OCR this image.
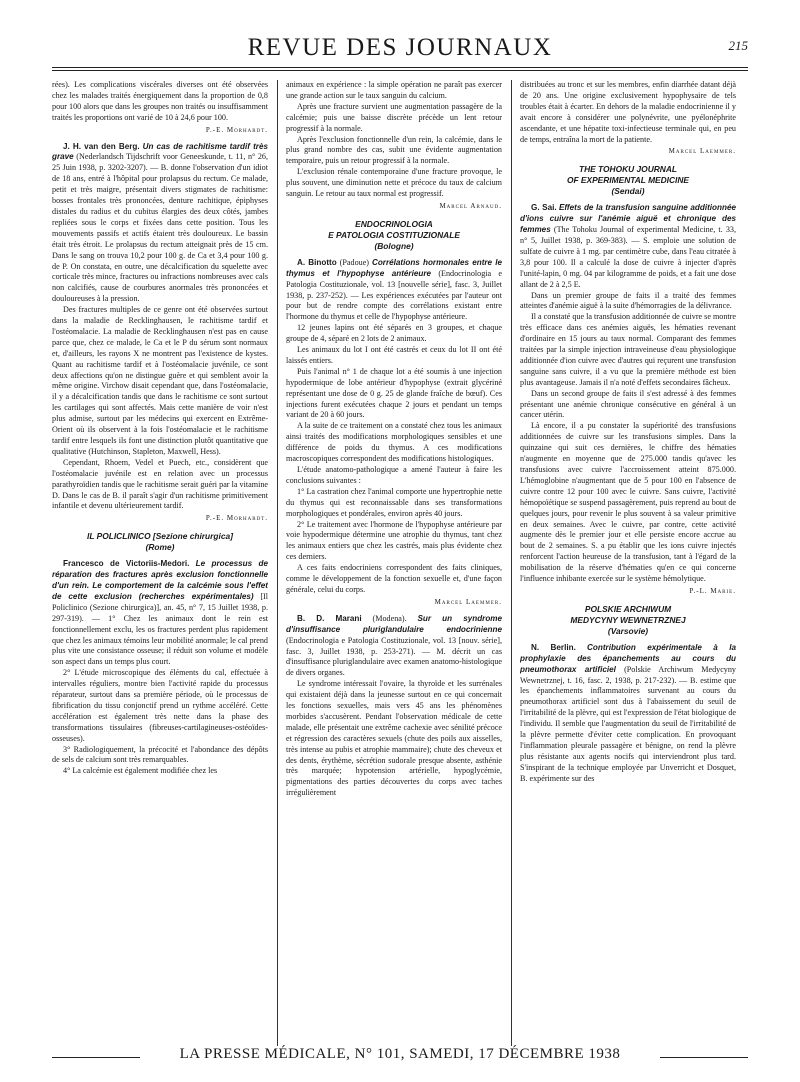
REVUE DES JOURNAUX	215

rées). Les complications viscérales diverses ont été observées chez les malades traités énergiquement dans la proportion de 0,8 pour 100 alors que dans les groupes non traités ou insuffisamment traités les proportions ont varié de 10 à 24,6 pour 100.

P.-E. Morhardt.

J. H. van den Berg. Un cas de rachitisme tardif très grave (Nederlandsch Tijdschrift voor Geneeskunde, t. 11, n° 26, 25 Juin 1938, p. 3202-3207). — B. donne l'observation d'un idiot de 18 ans, entré à l'hôpital pour prolapsus du rectum. Ce malade, petit et très maigre, présentait divers stigmates de rachitisme: bosses frontales très prononcées, denture rachitique, épiphyses distales du radius et du cubitus élargies des deux côtés, jambes repliées sous le corps et fixées dans cette position. Tous les mouvements passifs et actifs étaient très douloureux. Le bassin était très étroit. Le prolapsus du rectum atteignait près de 15 cm. Dans le sang on trouva 10,2 pour 100 g. de Ca et 3,4 pour 100 g. de P. On constata, en outre, une décalcification du squelette avec corticale très mince, fractures ou infractions nombreuses avec cals non calcifiés, cause de courbures anormales très prononcées et douloureuses à la pression.

Des fractures multiples de ce genre ont été observées surtout dans la maladie de Recklinghausen, le rachitisme tardif et l'ostéomalacie. La maladie de Recklinghausen n'est pas en cause parce que, chez ce malade, le Ca et le P du sérum sont normaux et, d'ailleurs, les rayons X ne montrent pas l'existence de kystes. Quant au rachitisme tardif et à l'ostéomalacie juvénile, ce sont deux affections qu'on ne distingue guère et qui semblent avoir la même origine. Virchow disait cependant que, dans l'ostéomalacie, il y a décalcification tandis que dans le rachitisme ce sont surtout les cartilages qui sont affectés. Mais cette manière de voir n'est plus admise, surtout par les médecins qui exercent en Extrême-Orient où ils observent à la fois l'ostéomalacie et le rachitisme tardif entre lesquels ils font une distinction plutôt quantitative que qualitative (Hutchinson, Stapleton, Maxwell, Hess).

Cependant, Rhoem, Vedel et Puech, etc., considèrent que l'ostéomalacie juvénile est en relation avec un processus parathyroïdien tandis que le rachitisme serait guéri par la vitamine D. Dans le cas de B. il paraît s'agir d'un rachitisme primitivement infantile et devenu ultérieurement tardif.

P.-E. Morhardt.
IL POLICLINICO [Sezione chirurgica]
(Rome)

Francesco de Victoriis-Medori. Le processus de réparation des fractures après exclusion fonctionnelle d'un rein. Le comportement de la calcémie sous l'effet de cette exclusion (recherches expérimentales) [Il Policlinico (Sezione chirurgica)], an. 45, n° 7, 15 Juillet 1938, p. 297-319). — 1° Chez les animaux dont le rein est fonctionnellement exclu, les os fractures perdent plus rapidement que chez les animaux témoins leur mobilité anormale; le cal prend plus vite une consistance osseuse; il réduit son volume et modèle son aspect dans un temps plus court.

2° L'étude microscopique des éléments du cal, effectuée à intervalles réguliers, montre bien l'activité rapide du processus réparateur, surtout dans sa première période, où le processus de fibrification du tissu conjonctif prend un rythme accéléré. Cette accélération est également très nette dans la phase des transformations tissulaires (fibreuses-cartilagineuses-ostéoïdes-osseuses).

3° Radiologiquement, la précocité et l'abondance des dépôts de sels de calcium sont très remarquables.

4° La calcémie est également modifiée chez les

animaux en expérience : la simple opération ne paraît pas exercer une grande action sur le taux sanguin du calcium.

Après une fracture survient une augmentation passagère de la calcémie; puis une baisse discrète précède un lent retour progressif à la normale.

Après l'exclusion fonctionnelle d'un rein, la calcémie, dans le plus grand nombre des cas, subit une évidente augmentation temporaire, puis un retour progressif à la normale.

L'exclusion rénale contemporaine d'une fracture provoque, le plus souvent, une diminution nette et précoce du taux de calcium sanguin. Le retour au taux normal est progressif.

Marcel Arnaud.
ENDOCRINOLOGIA
E PATOLOGIA COSTITUZIONALE
(Bologne)

A. Binotto (Padoue) Corrélations hormonales entre le thymus et l'hypophyse antérieure (Endocrinologia e Patologia Costituzionale, vol. 13 [nouvelle série], fasc. 3, Juillet 1938, p. 237-252). — Les expériences exécutées par l'auteur ont pour but de rendre compte des corrélations existant entre l'hormone du thymus et celle de l'hypophyse antérieure.

12 jeunes lapins ont été séparés en 3 groupes, et chaque groupe de 4, séparé en 2 lots de 2 animaux.

Les animaux du lot I ont été castrés et ceux du lot II ont été laissés entiers.

Puis l'animal n° 1 de chaque lot a été soumis à une injection hypodermique de lobe antérieur d'hypophyse (extrait glycériné représentant une dose de 0 g. 25 de glande fraîche de bœuf). Ces injections furent exécutées chaque 2 jours et pendant un temps variant de 20 à 60 jours.

A la suite de ce traitement on a constaté chez tous les animaux ainsi traités des modifications morphologiques sensibles et une différence de poids du thymus. A ces modifications macroscopiques correspondent des modifications histologiques.

L'étude anatomo-pathologique a amené l'auteur à faire les conclusions suivantes :

1° La castration chez l'animal comporte une hypertrophie nette du thymus qui est reconnaissable dans ses transformations morphologiques et pondérales, environ après 40 jours.

2° Le traitement avec l'hormone de l'hypophyse antérieure par voie hypodermique détermine une atrophie du thymus, tant chez les animaux entiers que chez les castrés, mais plus évidente chez ces derniers.

A ces faits endocriniens correspondent des faits cliniques, comme le développement de la fonction sexuelle et, d'une façon générale, celui du corps.

Marcel Laemmer.

B. D. Marani (Modena). Sur un syndrome d'insuffisance pluriglandulaire endocrinienne (Endocrinologia e Patologia Costituzionale, vol. 13 [nouv. série], fasc. 3, Juillet 1938, p. 253-271). — M. décrit un cas d'insuffisance pluriglandulaire avec examen anatomo-histologique de divers organes.

Le syndrome intéressait l'ovaire, la thyroïde et les surrénales qui existaient déjà dans la jeunesse surtout en ce qui concernait les fonctions sexuelles, mais vers 45 ans les phénomènes morbides s'accusèrent. Pendant l'observation médicale de cette malade, elle présentait une extrême cachexie avec sénilité précoce et régression des caractères sexuels (chute des poils aux aisselles, très intense au pubis et atrophie mammaire); chute des cheveux et des dents, érythème, sécrétion sudorale presque absente, asthénie très marquée; hypotension artérielle, hypoglycémie, pigmentations des parties découvertes du corps avec taches irrégulièrement

distribuées au tronc et sur les membres, enfin diarrhée datant déjà de 20 ans. Une origine exclusivement hypophysaire de tels troubles était à écarter. En dehors de la maladie endocrinienne il y avait encore à considérer une polynévrite, une pyélonéphrite ascendante, et une hépatite toxi-infectieuse terminale qui, en peu de temps, entraîna la mort de la patiente.

Marcel Laemmer.
THE TOHOKU JOURNAL
OF EXPERIMENTAL MEDICINE
(Sendai)

G. Sai. Effets de la transfusion sanguine additionnée d'ions cuivre sur l'anémie aiguë et chronique des femmes (The Tohoku Journal of experimental Medicine, t. 33, n° 5, Juillet 1938, p. 369-383). — S. emploie une solution de sulfate de cuivre à 1 mg. par centimètre cube, dans l'eau citratée à 3,8 pour 100. Il a calculé la dose de cuivre à injecter d'après l'unité-lapin, 0 mg. 04 par kilogramme de poids, et a fait une dose allant de 2 à 2,5 E.

Dans un premier groupe de faits il a traité des femmes atteintes d'anémie aiguë à la suite d'hémorragies de la délivrance.

Il a constaté que la transfusion additionnée de cuivre se montre très efficace dans ces anémies aiguës, les hématies revenant d'ordinaire en 15 jours au taux normal. Comparant des femmes traitées par la simple injection intraveineuse d'eau physiologique additionnée d'ion cuivre avec d'autres qui reçurent une transfusion sanguine sans cuivre, il a vu que la première méthode est bien plus avantageuse. Jamais il n'a noté d'effets secondaires fâcheux.

Dans un second groupe de faits il s'est adressé à des femmes présentant une anémie chronique consécutive en général à un cancer utérin.

Là encore, il a pu constater la supériorité des transfusions additionnées de cuivre sur les transfusions simples. Dans la quinzaine qui suit ces dernières, le chiffre des hématies n'augmente en moyenne que de 275.000 tandis qu'avec les transfusions avec cuivre l'accroissement atteint 875.000. L'hémoglobine n'augmentant que de 5 pour 100 en l'absence de cuivre contre 12 pour 100 avec le cuivre. Sans cuivre, l'activité hémopoïétique se suspend passagèrement, puis reprend au bout de quelques jours, pour revenir le plus souvent à sa valeur primitive en deux semaines. Avec le cuivre, par contre, cette activité augmente dès le premier jour et elle persiste encore accrue au bout de 2 semaines. S. a pu établir que les ions cuivre injectés renforcent l'action heureuse de la transfusion, tant à l'égard de la mobilisation de la réserve d'hématies qu'en ce qui concerne l'influence inhibante exercée sur le système hémolytique.

P.-L. Marie.
POLSKIE ARCHIWUM
MEDYCYNY WEWNETRZNEJ
(Varsovie)

N. Berlin. Contribution expérimentale à la prophylaxie des épanchements au cours du pneumothorax artificiel (Polskie Archiwum Medycyny Wewnetrznej, t. 16, fasc. 2, 1938, p. 217-232). — B. estime que les épanchements inflammatoires survenant au cours du pneumothorax artificiel sont dus à l'abaissement du seuil de l'irritabilité de la plèvre, qui est l'expression de l'état biologique de l'individu. Il semble que l'augmentation du seuil de l'irritabilité de la plèvre permette d'éviter cette complication. En provoquant l'inflammation pleurale passagère et bénigne, on rend la plèvre plus résistante aux agents nocifs qui interviendront plus tard. S'inspirant de la technique employée par Unverricht et Dosquet, B. expérimente sur des

LA PRESSE MÉDICALE, N° 101, SAMEDI, 17 DÉCEMBRE 1938
